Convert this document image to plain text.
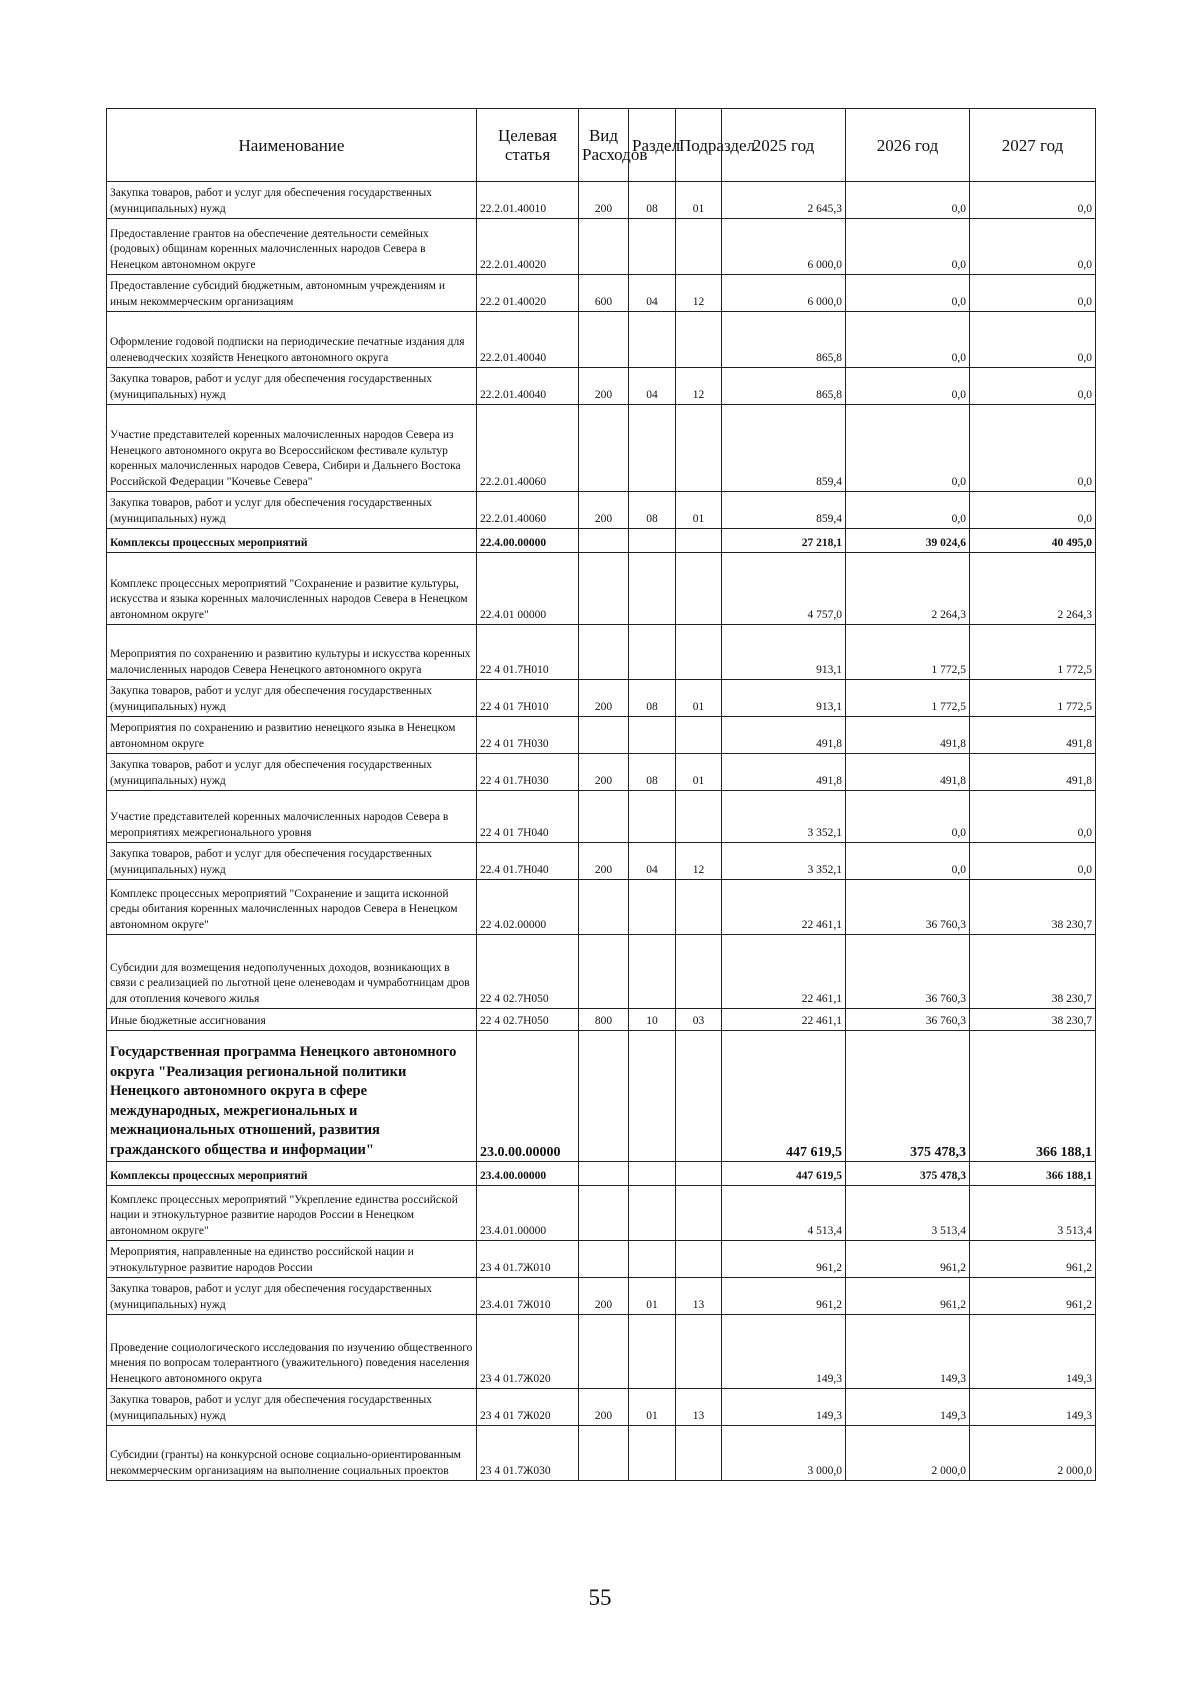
Наименование	Целевая статья	Вид Расходов	Раздел	Подраздел	2025 год	2026 год	2027 год
Закупка товаров, работ и услуг для обеспечения государственных (муниципальных) нужд	22.2.01.40010	200	08	01	2 645,3	0,0	0,0
Предоставление грантов на обеспечение деятельности семейных (родовых) общинам коренных малочисленных народов Севера в Ненецком автономном округе	22.2.01.40020				6 000,0	0,0	0,0
Предоставление субсидий бюджетным, автономным учреждениям и иным некоммерческим организациям	22.2 01.40020	600	04	12	6 000,0	0,0	0,0
Оформление годовой подписки на периодические печатные издания для оленеводческих хозяйств Ненецкого автономного округа	22.2.01.40040				865,8	0,0	0,0
Закупка товаров, работ и услуг для обеспечения государственных (муниципальных) нужд	22.2.01.40040	200	04	12	865,8	0,0	0,0
Участие представителей коренных малочисленных народов Севера из Ненецкого автономного округа во Всероссийском фестивале культур коренных малочисленных народов Севера, Сибири и Дальнего Востока Российской Федерации "Кочевье Севера"	22.2.01.40060				859,4	0,0	0,0
Закупка товаров, работ и услуг для обеспечения государственных (муниципальных) нужд	22.2.01.40060	200	08	01	859,4	0,0	0,0
Комплексы процессных мероприятий	22.4.00.00000				27 218,1	39 024,6	40 495,0
Комплекс процессных мероприятий "Сохранение и развитие культуры, искусства и языка коренных малочисленных народов Севера в Ненецком автономном округе"	22.4.01 00000				4 757,0	2 264,3	2 264,3
Мероприятия по сохранению и развитию культуры и искусства коренных малочисленных народов Севера Ненецкого автономного округа	22 4 01.7Н010				913,1	1 772,5	1 772,5
Закупка товаров, работ и услуг для обеспечения государственных (муниципальных) нужд	22 4 01 7Н010	200	08	01	913,1	1 772,5	1 772,5
Мероприятия по сохранению и развитию ненецкого языка в Ненецком автономном округе	22 4 01 7Н030				491,8	491,8	491,8
Закупка товаров, работ и услуг для обеспечения государственных (муниципальных) нужд	22 4 01.7Н030	200	08	01	491,8	491,8	491,8
Участие представителей коренных малочисленных народов Севера в мероприятиях межрегионального уровня	22 4 01 7Н040				3 352,1	0,0	0,0
Закупка товаров, работ и услуг для обеспечения государственных (муниципальных) нужд	22.4 01.7Н040	200	04	12	3 352,1	0,0	0,0
Комплекс процессных мероприятий "Сохранение и защита исконной среды обитания коренных малочисленных народов Севера в Ненецком автономном округе"	22 4.02.00000				22 461,1	36 760,3	38 230,7
Субсидии для возмещения недополученных доходов, возникающих в связи с реализацией по льготной цене оленеводам и чумработницам дров для отопления кочевого жилья	22 4 02.7Н050				22 461,1	36 760,3	38 230,7
Иные бюджетные ассигнования	22 4 02.7Н050	800	10	03	22 461,1	36 760,3	38 230,7
Государственная программа Ненецкого автономного округа "Реализация региональной политики Ненецкого автономного округа в сфере международных, межрегиональных и межнациональных отношений, развития гражданского общества и информации"	23.0.00.00000				447 619,5	375 478,3	366 188,1
Комплексы процессных мероприятий	23.4.00.00000				447 619,5	375 478,3	366 188,1
Комплекс процессных мероприятий "Укрепление единства российской нации и этнокультурное развитие народов России в Ненецком автономном округе"	23.4.01.00000				4 513,4	3 513,4	3 513,4
Мероприятия, направленные на единство российской нации и этнокультурное развитие народов России	23 4 01.7Ж010				961,2	961,2	961,2
Закупка товаров, работ и услуг для обеспечения государственных (муниципальных) нужд	23.4.01 7Ж010	200	01	13	961,2	961,2	961,2
Проведение социологического исследования по изучению общественного мнения по вопросам толерантного (уважительного) поведения населения Ненецкого автономного округа	23 4 01.7Ж020				149,3	149,3	149,3
Закупка товаров, работ и услуг для обеспечения государственных (муниципальных) нужд	23 4 01 7Ж020	200	01	13	149,3	149,3	149,3
Субсидии (гранты) на конкурсной основе социально-ориентированным некоммерческим организациям на выполнение социальных проектов	23 4 01.7Ж030				3 000,0	2 000,0	2 000,0
55
